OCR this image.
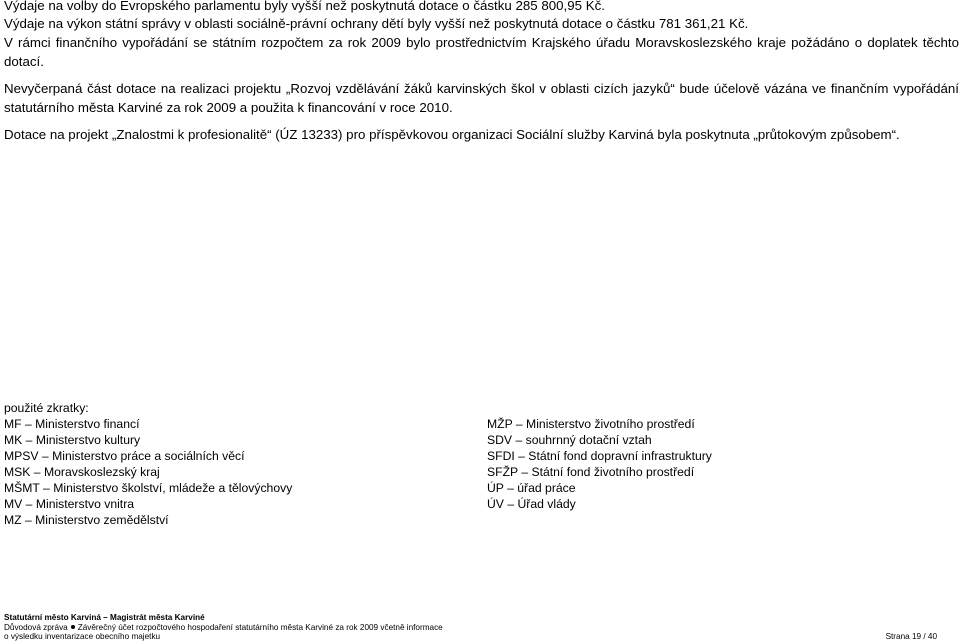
Výdaje na volby do Evropského parlamentu byly vyšší než poskytnutá dotace o částku 285 800,95 Kč.
Výdaje na výkon státní správy v oblasti sociálně-právní ochrany dětí byly vyšší než poskytnutá dotace o částku 781 361,21 Kč.
V rámci finančního vypořádání se státním rozpočtem za rok 2009 bylo prostřednictvím Krajského úřadu Moravskoslezského kraje požádáno o doplatek těchto dotací.
Nevyčerpaná část dotace na realizaci projektu „Rozvoj vzdělávání žáků karvinských škol v oblasti cizích jazyků“ bude účelově vázána ve finančním vypořádání statutárního města Karviné za rok 2009 a použita k financování v roce 2010.
Dotace na projekt „Znalostmi k profesionalitě“ (ÚZ 13233) pro příspěvkovou organizaci Sociální služby Karviná byla poskytnuta „průtokovým způsobem“.
použité zkratky:
MF – Ministerstvo financí
MK – Ministerstvo kultury
MPSV – Ministerstvo práce a sociálních věcí
MSK – Moravskoslezský kraj
MŠMT – Ministerstvo školství, mládeže a tělovýchovy
MV – Ministerstvo vnitra
MZ – Ministerstvo zemědělství
MŽP – Ministerstvo životního prostředí
SDV – souhrnný dotační vztah
SFDI – Státní fond dopravní infrastruktury
SFŽP – Státní fond životního prostředí
ÚP – úřad práce
ÚV – Úřad vlády
Statutární město Karviná – Magistrát města Karviné
Důvodová zpráva Závěrečný účet rozpočtového hospodaření statutárního města Karviné za rok 2009 včetně informace
o výsledku inventarizace obecního majetku	Strana 19 / 40
